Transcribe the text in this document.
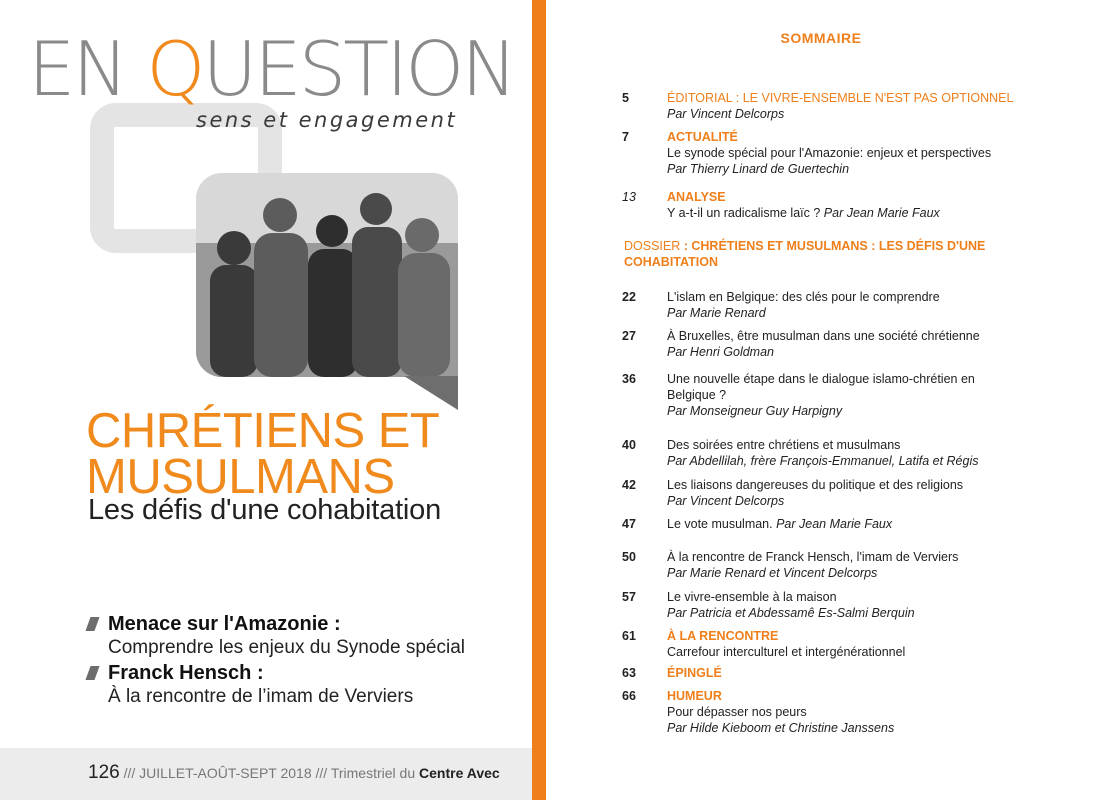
EN QUESTION
sens et engagement
CHRÉTIENS ET
MUSULMANS
Les défis d'une cohabitation
Menace sur l'Amazonie :
Comprendre les enjeux du Synode spécial
Franck Hensch :
À la rencontre de l’imam de Verviers
126 /// JUILLET-AOÛT-SEPT 2018 /// Trimestriel du Centre Avec
SOMMAIRE
5	ÉDITORIAL : LE VIVRE-ENSEMBLE N'EST PAS OPTIONNEL
Par Vincent Delcorps
7	ACTUALITÉ
Le synode spécial pour l'Amazonie: enjeux et perspectives
Par Thierry Linard de Guertechin
13	ANALYSE
Y a-t-il un radicalisme laïc ? Par Jean Marie Faux
DOSSIER : CHRÉTIENS ET MUSULMANS : LES DÉFIS D'UNE COHABITATION
22	L'islam en Belgique: des clés pour le comprendre
Par Marie Renard
27	À Bruxelles, être musulman dans une société chrétienne
Par Henri Goldman
36	Une nouvelle étape dans le dialogue islamo-chrétien en Belgique ?
Par Monseigneur Guy Harpigny
40	Des soirées entre chrétiens et musulmans
Par Abdellilah, frère François-Emmanuel, Latifa et Régis
42	Les liaisons dangereuses du politique et des religions
Par Vincent Delcorps
47	Le vote musulman. Par Jean Marie Faux
50	À la rencontre de Franck Hensch, l'imam de Verviers
Par Marie Renard et Vincent Delcorps
57	Le vivre-ensemble à la maison
Par Patricia et Abdessamê Es-Salmi Berquin
61	À LA RENCONTRE
Carrefour interculturel et intergénérationnel
63	ÉPINGLÉ
66	HUMEUR
Pour dépasser nos peurs
Par Hilde Kieboom et Christine Janssens
